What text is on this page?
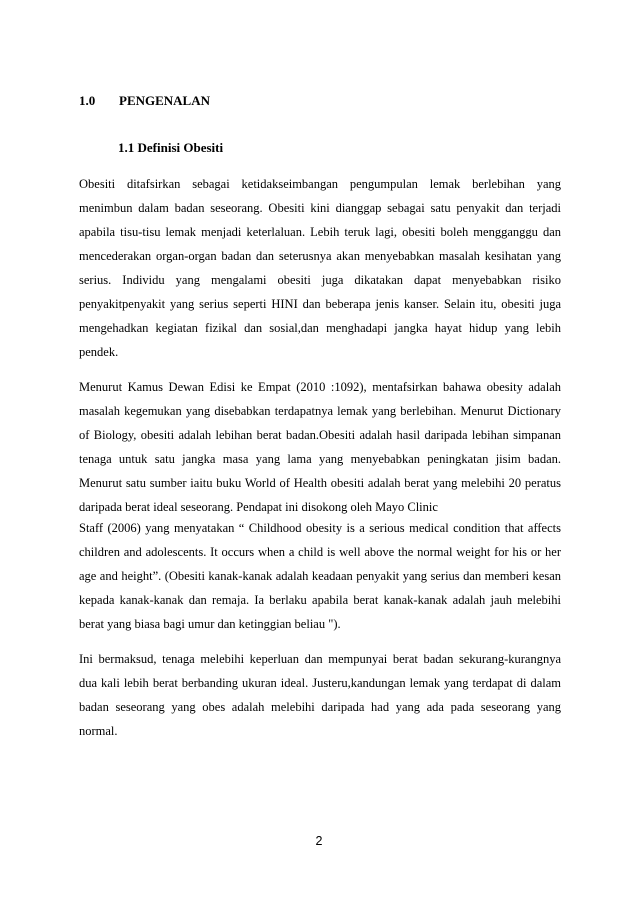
1.0 PENGENALAN
1.1 Definisi Obesiti
Obesiti ditafsirkan sebagai ketidakseimbangan pengumpulan lemak berlebihan yang
menimbun dalam badan seseorang. Obesiti kini dianggap sebagai satu penyakit dan terjadi
apabila tisu-tisu lemak menjadi keterlaluan. Lebih teruk lagi, obesiti boleh mengganggu dan
mencederakan organ-organ badan dan seterusnya akan menyebabkan masalah kesihatan yang
serius. Individu yang mengalami obesiti juga dikatakan dapat menyebabkan risiko
penyakitpenyakit yang serius seperti HINI dan beberapa jenis kanser. Selain itu, obesiti juga
mengehadkan kegiatan fizikal dan sosial,dan menghadapi jangka hayat hidup yang lebih
pendek.
Menurut Kamus Dewan Edisi ke Empat (2010 :1092), mentafsirkan bahawa obesity adalah
masalah kegemukan yang disebabkan terdapatnya lemak yang berlebihan. Menurut Dictionary
of Biology, obesiti adalah lebihan berat badan.Obesiti adalah hasil daripada lebihan simpanan
tenaga untuk satu jangka masa yang lama yang menyebabkan peningkatan jisim badan.
Menurut satu sumber iaitu buku World of Health obesiti adalah berat yang melebihi 20 peratus
daripada berat ideal seseorang. Pendapat ini disokong oleh Mayo Clinic
Staff (2006) yang menyatakan “ Childhood obesity is a serious medical condition that affects
children and adolescents. It occurs when a child is well above the normal weight for his or her
age and height”. (Obesiti kanak-kanak adalah keadaan penyakit yang serius dan memberi kesan
kepada kanak-kanak dan remaja. Ia berlaku apabila berat kanak-kanak adalah jauh melebihi
berat yang biasa bagi umur dan ketinggian beliau ").
Ini bermaksud, tenaga melebihi keperluan dan mempunyai berat badan sekurang-kurangnya
dua kali lebih berat berbanding ukuran ideal. Justeru,kandungan lemak yang terdapat di dalam
badan seseorang yang obes adalah melebihi daripada had yang ada pada seseorang yang
normal.
2
